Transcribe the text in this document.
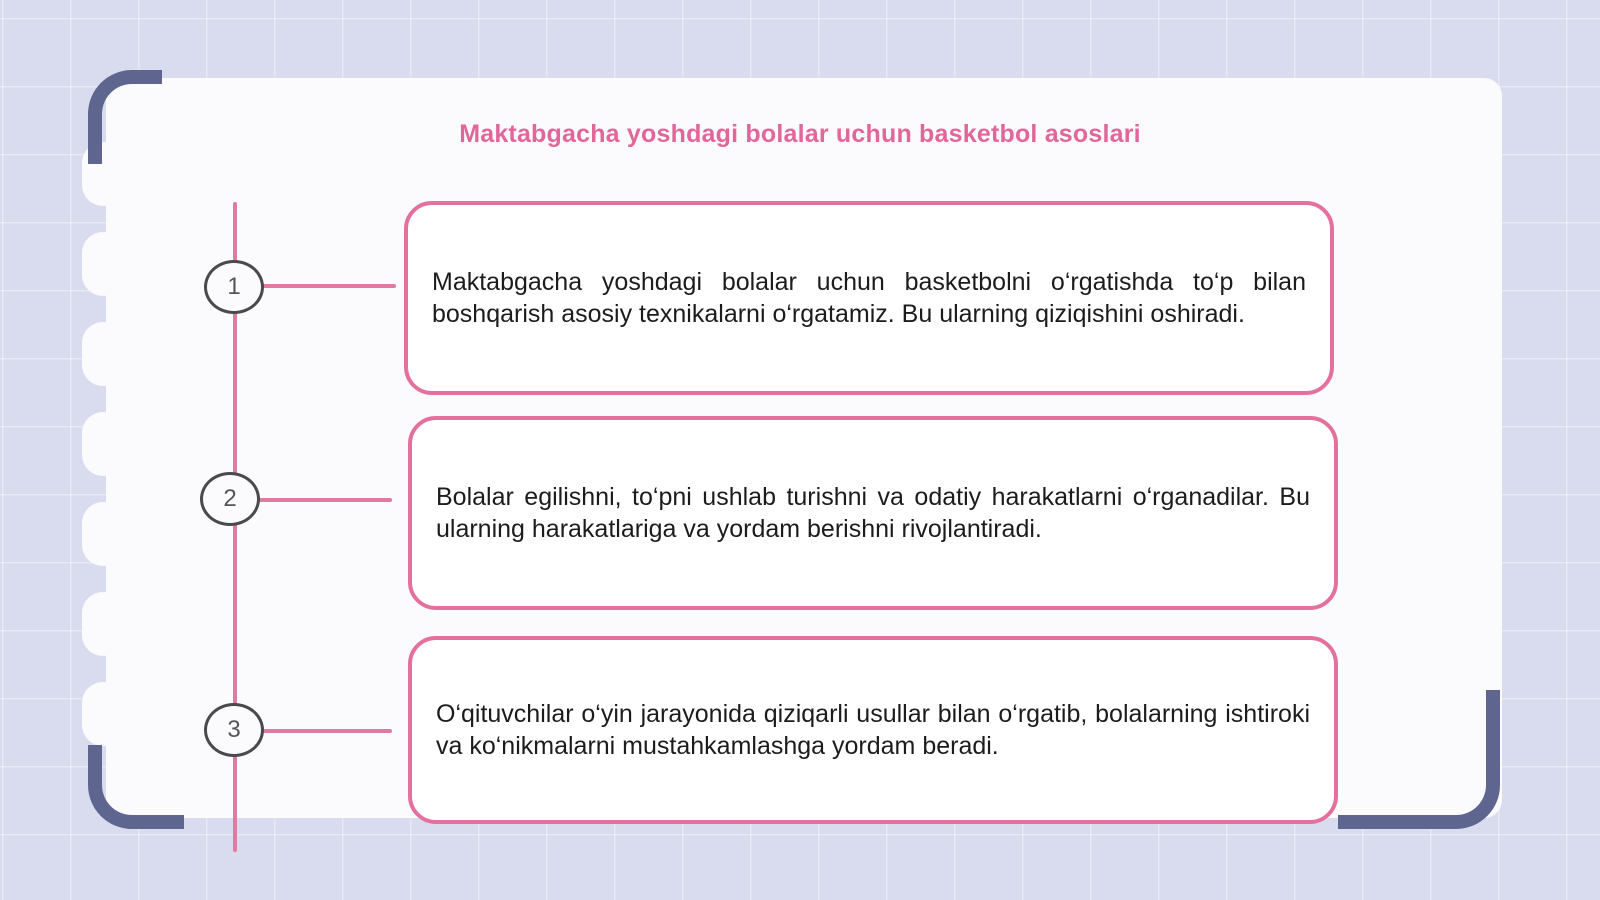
Maktabgacha yoshdagi bolalar uchun basketbol asoslari
1	Maktabgacha yoshdagi bolalar uchun basketbolni o‘rgatishda to‘p bilan boshqarish asosiy texnikalarni o‘rgatamiz. Bu ularning qiziqishini oshiradi.
2	Bolalar egilishni, to‘pni ushlab turishni va odatiy harakatlarni o‘rganadilar. Bu ularning harakatlariga va yordam berishni rivojlantiradi.
3
O‘qituvchilar o‘yin jarayonida qiziqarli usullar bilan o‘rgatib, bolalarning ishtiroki va ko‘nikmalarni mustahkamlashga yordam beradi.
